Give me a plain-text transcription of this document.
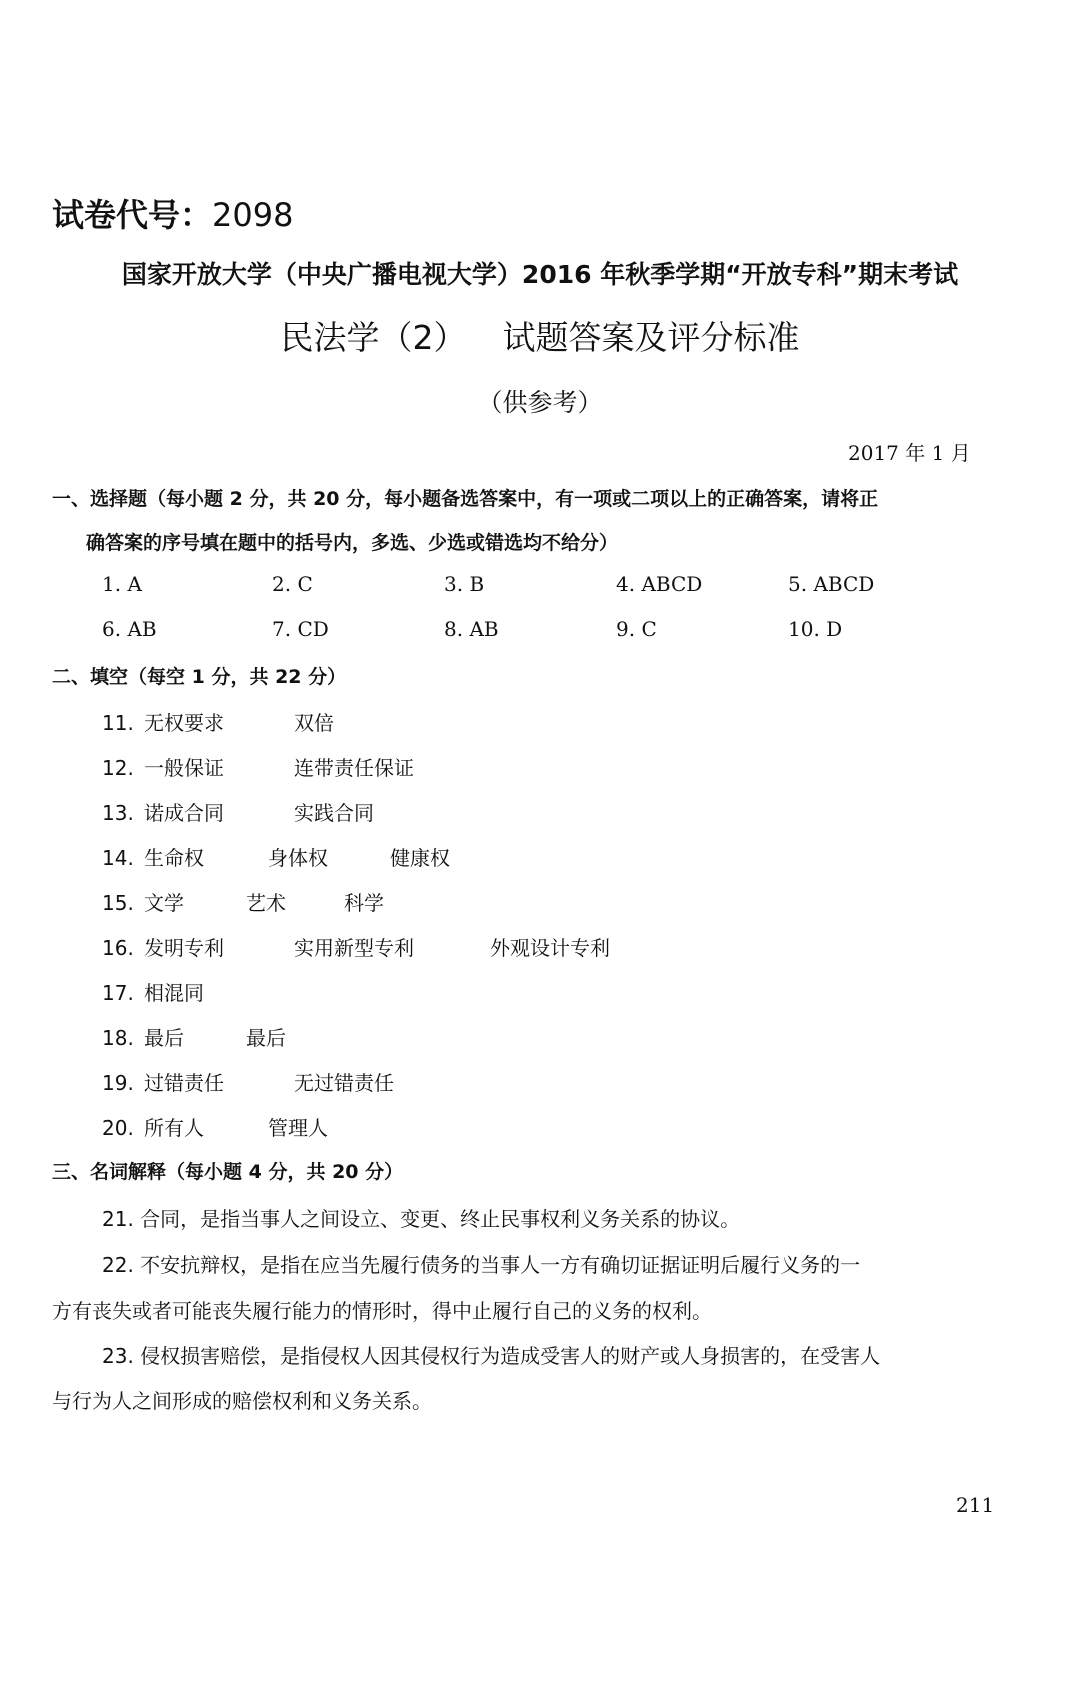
试卷代号：2098
国家开放大学（中央广播电视大学）2016 年秋季学期“开放专科”期末考试
民法学（2） 试题答案及评分标准
（供参考）
2017 年 1 月
一、选择题（每小题 2 分，共 20 分，每小题备选答案中，有一项或二项以上的正确答案，请将正
确答案的序号填在题中的括号内，多选、少选或错选均不给分）
1. A	2. C	3. B	4. ABCD	5. ABCD
6. AB	7. CD	8. AB	9. C	10. D
二、填空（每空 1 分，共 22 分）
11. 无权要求	双倍
12. 一般保证	连带责任保证
13. 诺成合同	实践合同
14. 生命权	身体权	健康权
15. 文学	艺术	科学
16. 发明专利	实用新型专利	外观设计专利
17. 相混同
18. 最后	最后
19. 过错责任	无过错责任
20. 所有人	管理人
三、名词解释（每小题 4 分，共 20 分）
21. 合同，是指当事人之间设立、变更、终止民事权利义务关系的协议。
22. 不安抗辩权，是指在应当先履行债务的当事人一方有确切证据证明后履行义务的一
方有丧失或者可能丧失履行能力的情形时，得中止履行自己的义务的权利。
23. 侵权损害赔偿，是指侵权人因其侵权行为造成受害人的财产或人身损害的，在受害人
与行为人之间形成的赔偿权利和义务关系。
211
